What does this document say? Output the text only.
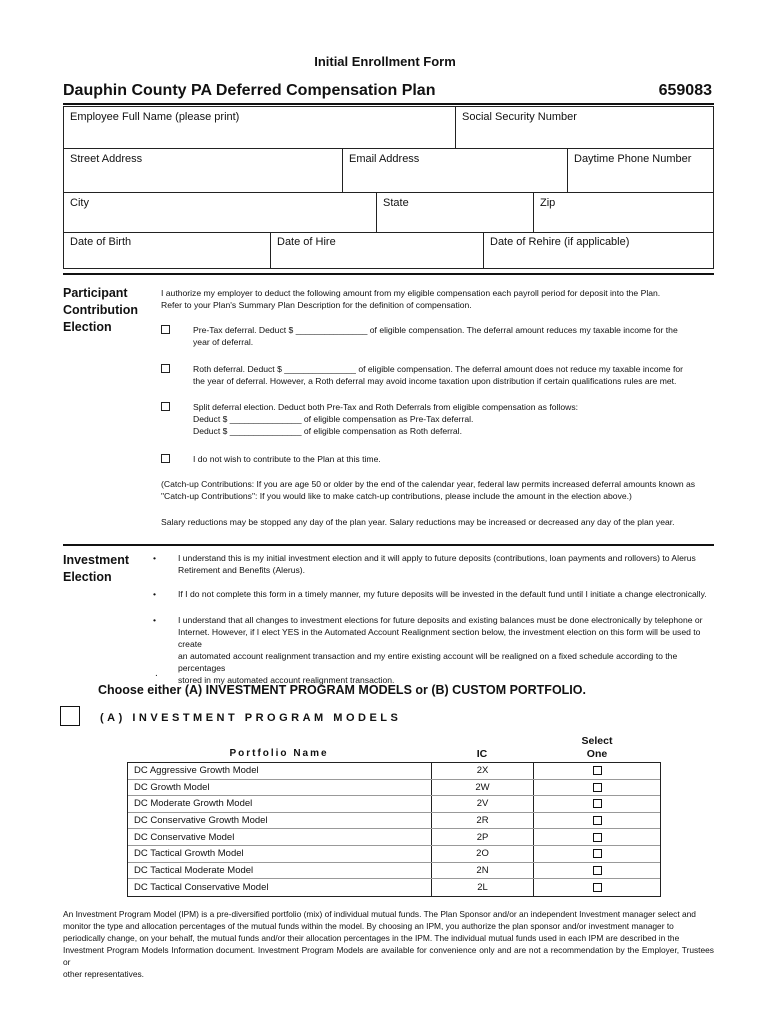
Initial Enrollment Form
Dauphin County PA Deferred Compensation Plan	659083
Employee Full Name (please print)	Social Security Number
Street Address	Email Address	Daytime Phone Number
City	State	Zip
Date of Birth	Date of Hire	Date of Rehire (if applicable)
Participant
Contribution
Election
I authorize my employer to deduct the following amount from my eligible compensation each payroll period for deposit into the Plan.
Refer to your Plan's Summary Plan Description for the definition of compensation.
Pre-Tax deferral. Deduct $ _______________ of eligible compensation. The deferral amount reduces my taxable income for the
year of deferral.
Roth deferral. Deduct $ _______________ of eligible compensation. The deferral amount does not reduce my taxable income for
the year of deferral. However, a Roth deferral may avoid income taxation upon distribution if certain qualifications rules are met.
Split deferral election. Deduct both Pre-Tax and Roth Deferrals from eligible compensation as follows:
Deduct $ _______________ of eligible compensation as Pre-Tax deferral.
Deduct $ _______________ of eligible compensation as Roth deferral.
I do not wish to contribute to the Plan at this time.
(Catch-up Contributions: If you are age 50 or older by the end of the calendar year, federal law permits increased deferral amounts known as
"Catch-up Contributions": If you would like to make catch-up contributions, please include the amount in the election above.)
Salary reductions may be stopped any day of the plan year. Salary reductions may be increased or decreased any day of the plan year.
Investment
Election
•	I understand this is my initial investment election and it will apply to future deposits (contributions, loan payments and rollovers) to Alerus
Retirement and Benefits (Alerus).
•	If I do not complete this form in a timely manner, my future deposits will be invested in the default fund until I initiate a change electronically.
•	I understand that all changes to investment elections for future deposits and existing balances must be done electronically by telephone or
Internet. However, if I elect YES in the Automated Account Realignment section below, the investment election on this form will be used to create
an automated account realignment transaction and my entire existing account will be realigned on a fixed schedule according to the percentages
stored in my automated account realignment transaction.
.
Choose either (A) INVESTMENT PROGRAM MODELS or (B) CUSTOM PORTFOLIO.
(A) INVESTMENT PROGRAM MODELS
Portfolio Name	IC
Select
One
DC Aggressive Growth Model	2X
DC Growth Model	2W
DC Moderate Growth Model	2V
DC Conservative Growth Model	2R
DC Conservative Model	2P
DC Tactical Growth Model	2O
DC Tactical Moderate Model	2N
DC Tactical Conservative Model	2L
An Investment Program Model (IPM) is a pre-diversified portfolio (mix) of individual mutual funds. The Plan Sponsor and/or an independent Investment manager select and
monitor the type and allocation percentages of the mutual funds within the model. By choosing an IPM, you authorize the plan sponsor and/or investment manager to
periodically change, on your behalf, the mutual funds and/or their allocation percentages in the IPM. The individual mutual funds used in each IPM are described in the
Investment Program Models Information document. Investment Program Models are available for convenience only and are not a recommendation by the Employer, Trustees or
other representatives.
